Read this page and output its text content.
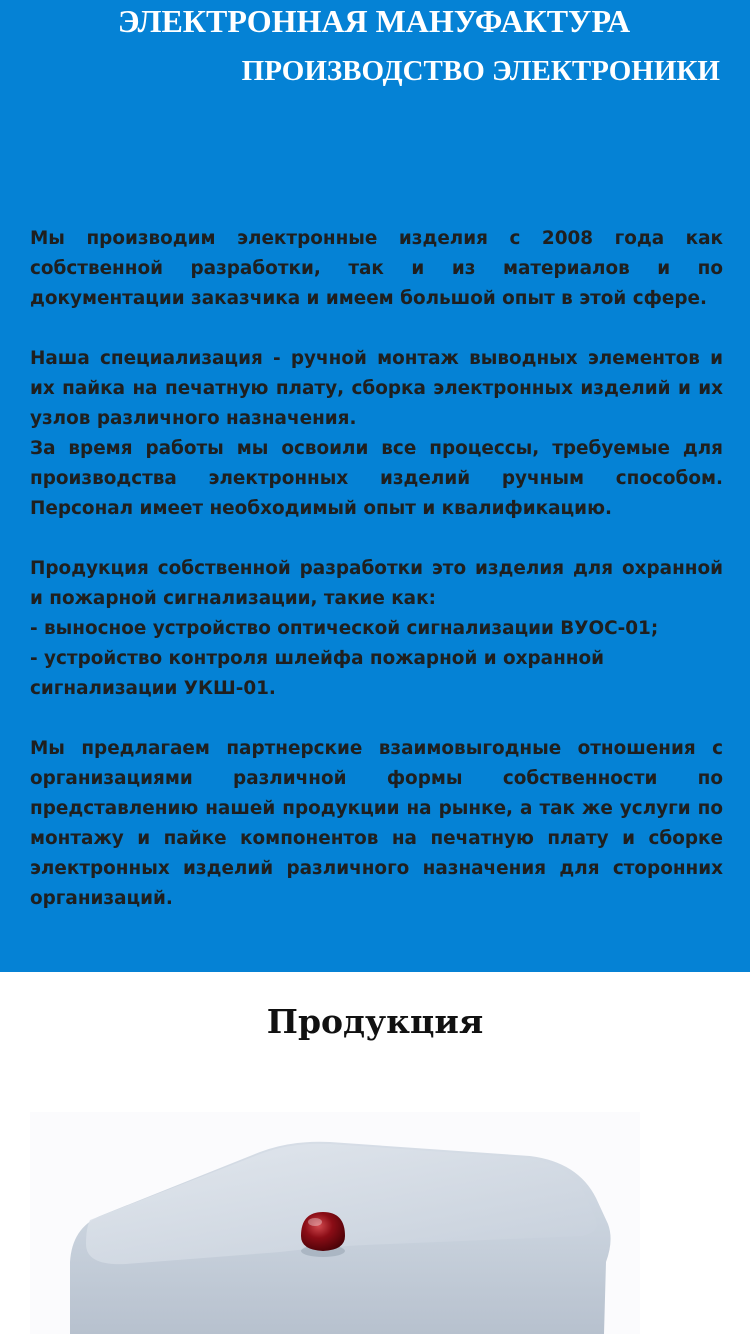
ЭЛЕКТРОННАЯ МАНУФАКТУРА
ПРОИЗВОДСТВО ЭЛЕКТРОНИКИ

Мы производим электронные изделия с 2008 года как собственной разработки, так и из материалов и по документации заказчика и имеем большой опыт в этой сфере.

Наша специализация - ручной монтаж выводных элементов и их пайка на печатную плату, сборка электронных изделий и их узлов различного назначения.

За время работы мы освоили все процессы, требуемые для производства электронных изделий ручным способом. Персонал имеет необходимый опыт и квалификацию.

Продукция собственной разработки это изделия для охранной и пожарной сигнализации, такие как:

- выносное устройство оптической сигнализации ВУОС-01;

- устройство контроля шлейфа пожарной и охранной сигнализации УКШ-01.

Мы предлагаем партнерские взаимовыгодные отношения с организациями различной формы собственности по представлению нашей продукции на рынке, а так же услуги по монтажу и пайке компонентов на печатную плату и сборке электронных изделий различного назначения для сторонних организаций.

Продукция
